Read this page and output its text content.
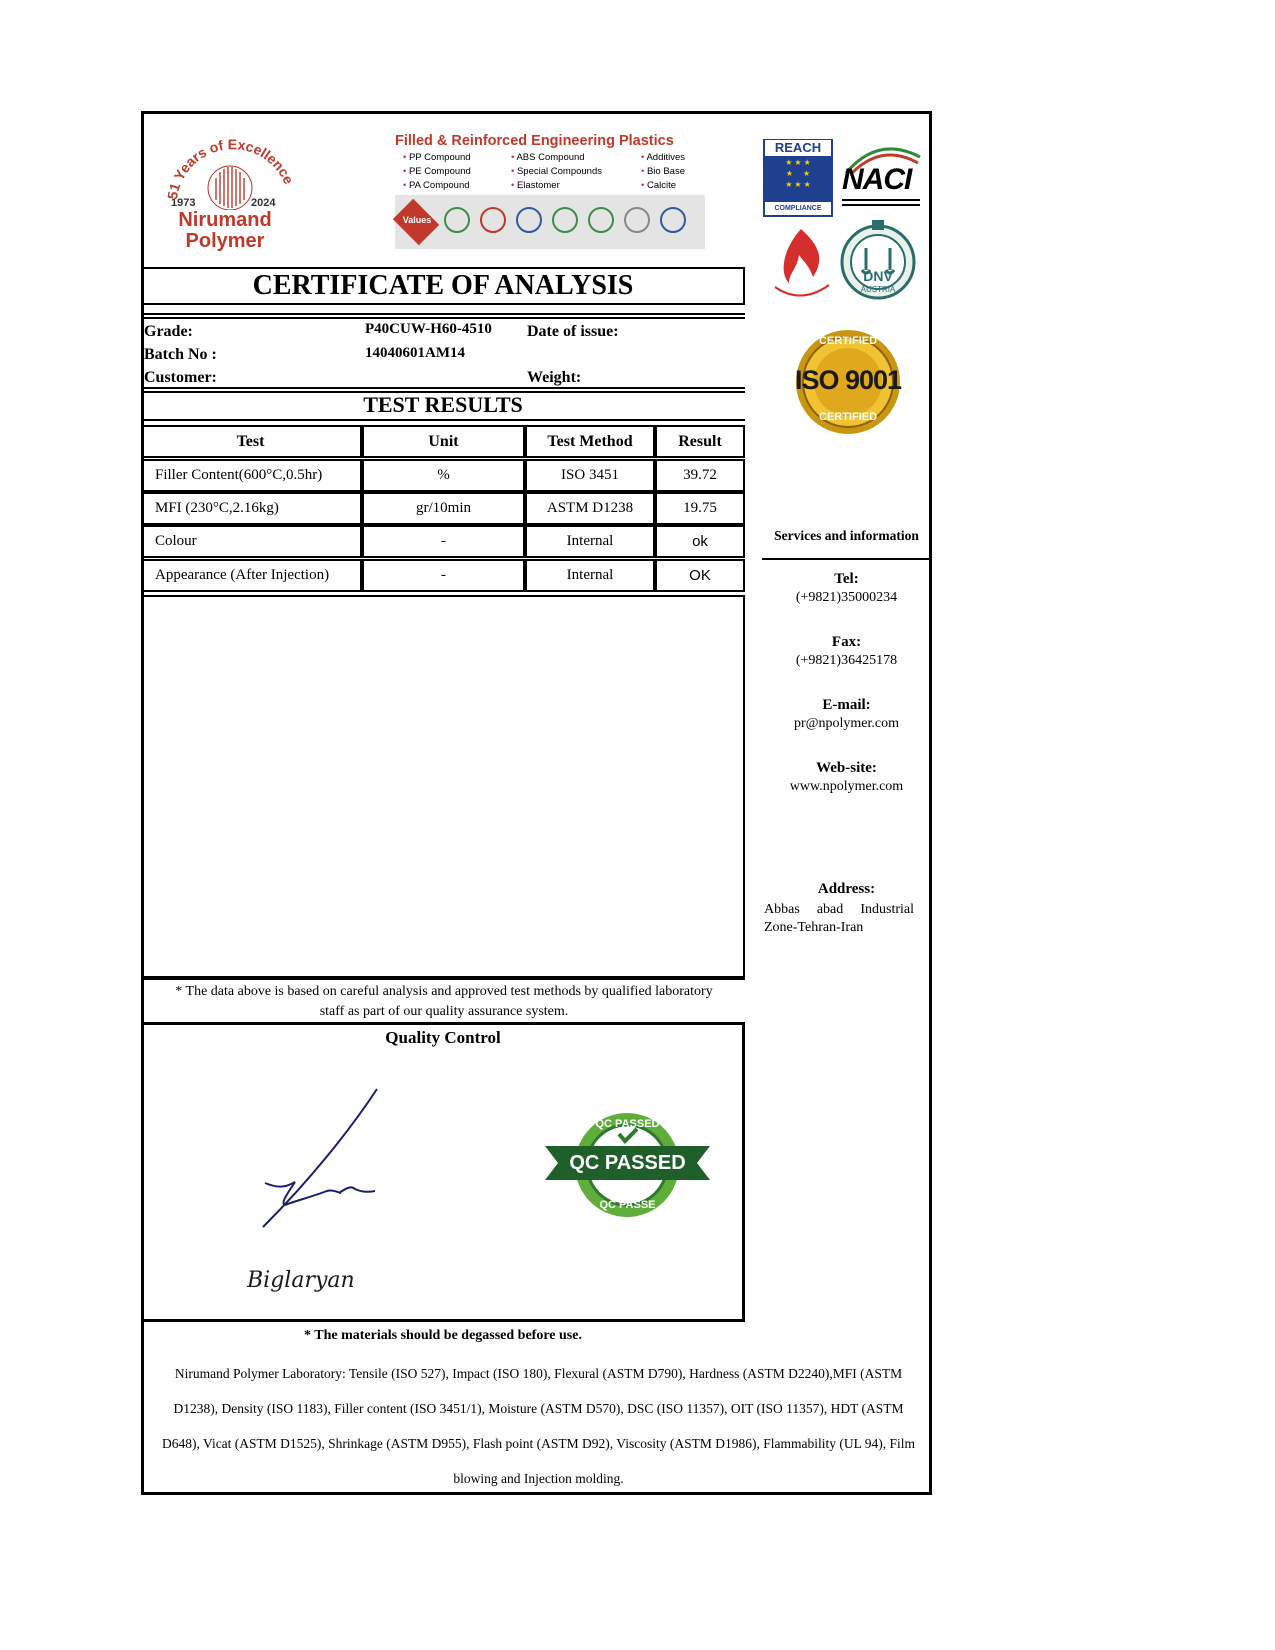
51 Years of Excellenc
1973	2024
Nirumand
Polymer
Filled & Reinforced Engineering Plastics
• PP Compound	• ABS Compound	• Additives
• PE Compound	• Special Compounds	• Bio Base
• PA Compound	• Elastomer	• Calcite
Values

REACH
★ ★ ★
★     ★
★ ★ ★
COMPLIANCE
NACI
DNV
AUSTRIA
CERTIFIED
ISO 9001
CERTIFIED
CERTIFICATE OF ANALYSIS
Grade:	P40CUW-H60-4510 Date of issue:
Batch No :	14040601AM14
Customer:	Weight:
TEST RESULTS
Test	Unit	Test Method	Result
Filler Content(600°C,0.5hr)	%	ISO 3451	39.72
MFI (230°C,2.16kg)	gr/10min	ASTM D1238	19.75
Colour	-	Internal	ok
Appearance (After Injection)	-	Internal	OK
* The data above is based on careful analysis and approved test methods by qualified laboratory
staff as part of our quality assurance system.
Quality Control
Biglaryan
QC PASSED
QC PASSED
QC PASSE
* The materials should be degassed before use.
Nirumand Polymer Laboratory: Tensile (ISO 527), Impact (ISO 180), Flexural (ASTM D790), Hardness (ASTM D2240),MFI (ASTM
D1238), Density (ISO 1183), Filler content (ISO 3451/1), Moisture (ASTM D570), DSC (ISO 11357), OIT (ISO 11357), HDT (ASTM
D648), Vicat (ASTM D1525), Shrinkage (ASTM D955), Flash point (ASTM D92), Viscosity (ASTM D1986), Flammability (UL 94), Film
blowing and Injection molding.
Services and information
Tel:
(+9821)35000234
Fax:
(+9821)36425178
E-mail:
pr@npolymer.com
Web-site:
www.npolymer.com
Address:
Abbas abad Industrial
Zone-Tehran-Iran
